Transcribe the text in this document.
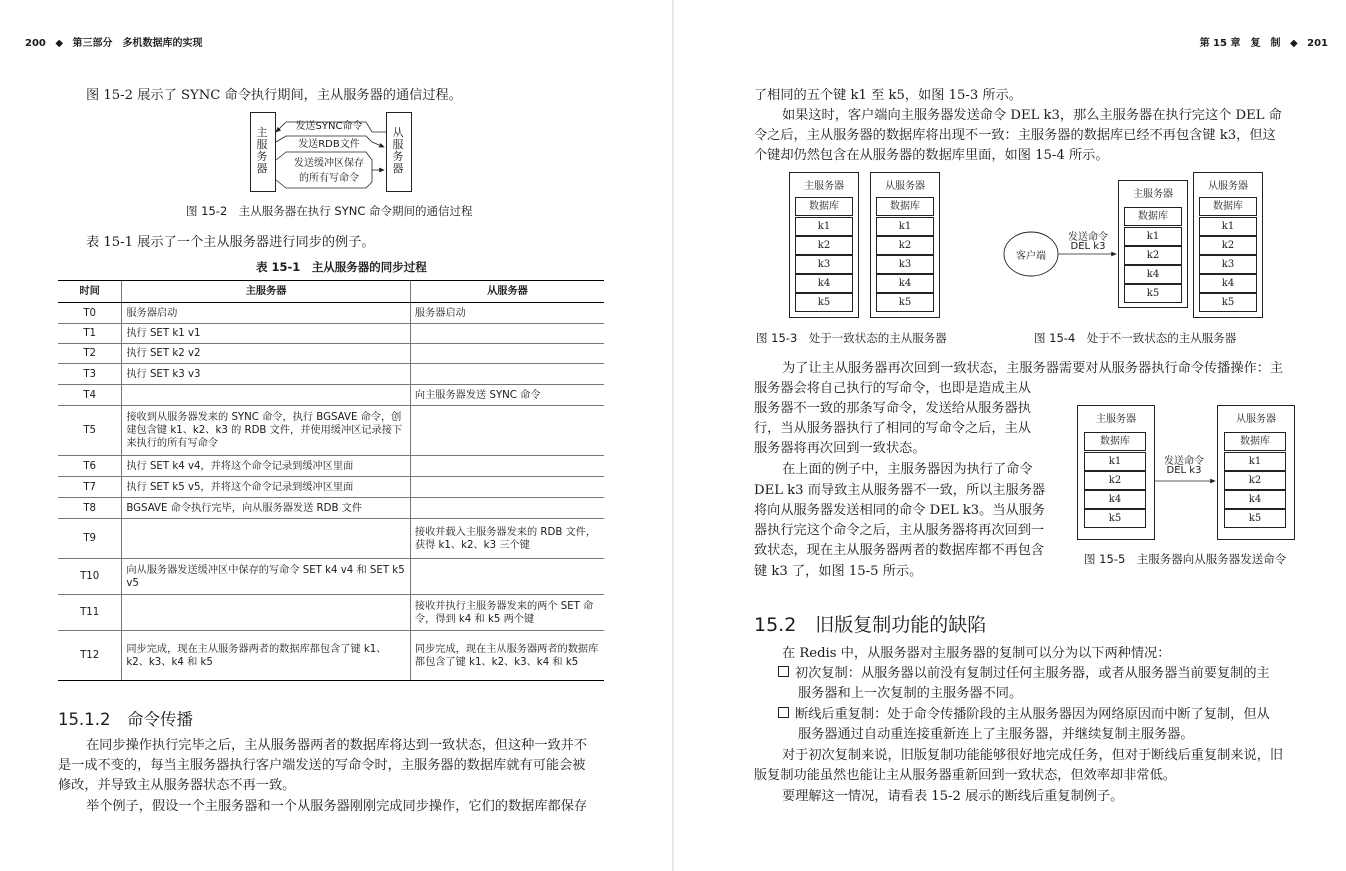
200 ◆ 第三部分　多机数据库的实现

图 15-2 展示了 SYNC 命令执行期间，主从服务器的通信过程。

主服务器
从服务器
发送SYNC命令
发送RDB文件
发送缓冲区保存
的所有写命令
图 15-2　主从服务器在执行 SYNC 命令期间的通信过程

表 15-1 展示了一个主从服务器进行同步的例子。

表 15-1　主从服务器的同步过程
时间	主服务器	从服务器
T0	服务器启动	服务器启动
T1	执行 SET k1 v1	
T2	执行 SET k2 v2	
T3	执行 SET k3 v3	
T4		向主服务器发送 SYNC 命令
T5	接收到从服务器发来的 SYNC 命令，执行 BGSAVE 命令，创建包含键 k1、k2、k3 的 RDB 文件，并使用缓冲区记录接下来执行的所有写命令	
T6	执行 SET k4 v4，并将这个命令记录到缓冲区里面	
T7	执行 SET k5 v5，并将这个命令记录到缓冲区里面	
T8	BGSAVE 命令执行完毕，向从服务器发送 RDB 文件	
T9		接收并载入主服务器发来的 RDB 文件，获得 k1、k2、k3 三个键
T10	向从服务器发送缓冲区中保存的写命令 SET k4 v4 和 SET k5 v5	
T11		接收并执行主服务器发来的两个 SET 命令，得到 k4 和 k5 两个键
T12	同步完成，现在主从服务器两者的数据库都包含了键 k1、k2、k3、k4 和 k5	同步完成，现在主从服务器两者的数据库都包含了键 k1、k2、k3、k4 和 k5
15.1.2　命令传播

在同步操作执行完毕之后，主从服务器两者的数据库将达到一致状态，但这种一致并不

是一成不变的，每当主服务器执行客户端发送的写命令时，主服务器的数据库就有可能会被

修改，并导致主从服务器状态不再一致。

举个例子，假设一个主服务器和一个从服务器刚刚完成同步操作，它们的数据库都保存

第 15 章　复　制 ◆ 201

了相同的五个键 k1 至 k5，如图 15-3 所示。

如果这时，客户端向主服务器发送命令 DEL k3，那么主服务器在执行完这个 DEL 命

令之后，主从服务器的数据库将出现不一致：主服务器的数据库已经不再包含键 k3，但这

个键却仍然包含在从服务器的数据库里面，如图 15-4 所示。

主服务器
数据库
k1
k2
k3
k4
k5
从服务器
数据库
k1
k2
k3
k4
k5
图 15-3　处于一致状态的主从服务器
客户端
发送命令
DEL k3
主服务器
数据库
k1
k2
k4
k5
从服务器
数据库
k1
k2
k3
k4
k5
图 15-4　处于不一致状态的主从服务器

为了让主从服务器再次回到一致状态，主服务器需要对从服务器执行命令传播操作：主

服务器会将自己执行的写命令，也即是造成主从

服务器不一致的那条写命令，发送给从服务器执

行，当从服务器执行了相同的写命令之后，主从

服务器将再次回到一致状态。

在上面的例子中，主服务器因为执行了命令

DEL k3 而导致主从服务器不一致，所以主服务器

将向从服务器发送相同的命令 DEL k3。当从服务

器执行完这个命令之后，主从服务器将再次回到一

致状态，现在主从服务器两者的数据库都不再包含

键 k3 了，如图 15-5 所示。

主服务器
数据库
k1
k2
k4
k5
从服务器
数据库
k1
k2
k4
k5
发送命令
DEL k3
图 15-5　主服务器向从服务器发送命令
15.2　旧版复制功能的缺陷

在 Redis 中，从服务器对主服务器的复制可以分为以下两种情况：

初次复制：从服务器以前没有复制过任何主服务器，或者从服务器当前要复制的主

服务器和上一次复制的主服务器不同。

断线后重复制：处于命令传播阶段的主从服务器因为网络原因而中断了复制，但从

服务器通过自动重连接重新连上了主服务器，并继续复制主服务器。

对于初次复制来说，旧版复制功能能够很好地完成任务，但对于断线后重复制来说，旧

版复制功能虽然也能让主从服务器重新回到一致状态，但效率却非常低。

要理解这一情况，请看表 15-2 展示的断线后重复制例子。
